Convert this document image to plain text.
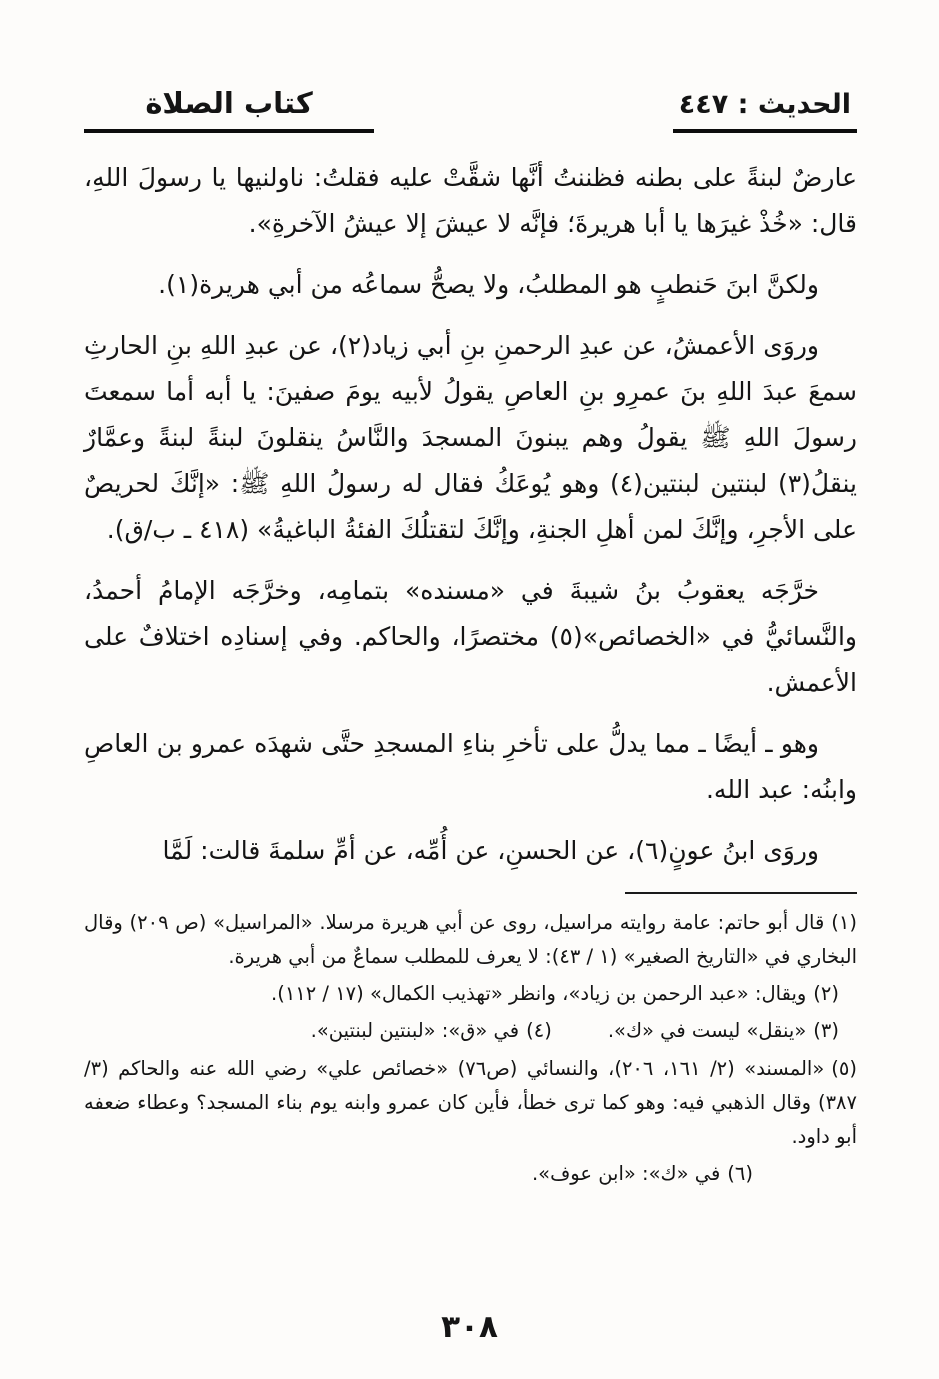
الحديث : ٤٤٧
كتاب الصلاة

عارضٌ لبنةً على بطنه فظننتُ أنَّها شقَّتْ عليه فقلتُ: ناولنيها يا رسولَ اللهِ، قال: «خُذْ غيرَها يا أبا هريرةَ؛ فإنَّه لا عيشَ إلا عيشُ الآخرةِ».

ولكنَّ ابنَ حَنطبٍ هو المطلبُ، ولا يصحُّ سماعُه من أبي هريرة(١).

وروَى الأعمشُ، عن عبدِ الرحمنِ بنِ أبي زياد(٢)، عن عبدِ اللهِ بنِ الحارثِ سمعَ عبدَ اللهِ بنَ عمرِو بنِ العاصِ يقولُ لأبيه يومَ صفينَ: يا أبه أما سمعتَ رسولَ اللهِ ﷺ يقولُ وهم يبنونَ المسجدَ والنَّاسُ ينقلونَ لبنةً لبنةً وعمَّارٌ ينقلُ(٣) لبنتين لبنتين(٤) وهو يُوعَكُ فقال له رسولُ اللهِ ﷺ: «إنَّكَ لحريصٌ على الأجرِ، وإنَّكَ لمن أهلِ الجنةِ، وإنَّكَ لتقتلُكَ الفئةُ الباغيةُ» (٤١٨ ـ ب/ق).

خرَّجَه يعقوبُ بنُ شيبةَ في «مسنده» بتمامِه، وخرَّجَه الإمامُ أحمدُ، والنَّسائيُّ في «الخصائص»(٥) مختصرًا، والحاكم. وفي إسنادِه اختلافٌ على الأعمش.

وهو ـ أيضًا ـ مما يدلُّ على تأخرِ بناءِ المسجدِ حتَّى شهدَه عمرو بن العاصِ وابنُه: عبد الله.

وروَى ابنُ عونٍ(٦)، عن الحسنِ، عن أُمِّه، عن أمِّ سلمةَ قالت: لَمَّا

(١)قال أبو حاتم: عامة روايته مراسيل، روى عن أبي هريرة مرسلا. «المراسيل» (ص ٢٠٩) وقال البخاري في «التاريخ الصغير» (١ / ٤٣): لا يعرف للمطلب سماعٌ من أبي هريرة.

(٢)ويقال: «عبد الرحمن بن زياد»، وانظر «تهذيب الكمال» (١٧ / ١١٢).

(٣)«ينقل» ليست في «ك».

(٤)في «ق»: «لبنتين لبنتين».

(٥)«المسند» (٢/ ١٦١، ٢٠٦)، والنسائي (ص٧٦) «خصائص علي» رضي الله عنه والحاكم (٣/ ٣٨٧) وقال الذهبي فيه: وهو كما ترى خطأ، فأين كان عمرو وابنه يوم بناء المسجد؟ وعطاء ضعفه أبو داود.

(٦)في «ك»: «ابن عوف».

٣٠٨
